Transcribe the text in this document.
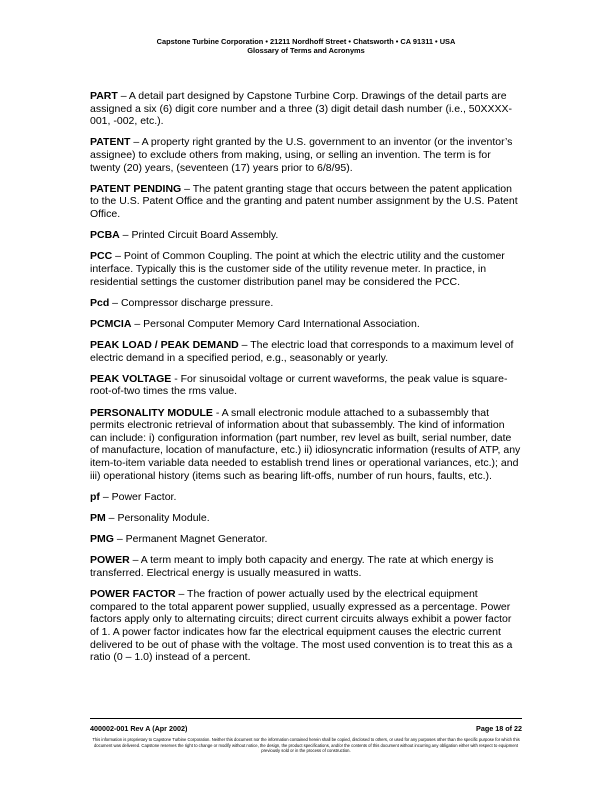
Capstone Turbine Corporation • 21211 Nordhoff Street • Chatsworth • CA 91311 • USA
Glossary of Terms and Acronyms

PART – A detail part designed by Capstone Turbine Corp. Drawings of the detail parts are assigned a six (6) digit core number and a three (3) digit detail dash number (i.e., 50XXXX-001, -002, etc.).

PATENT – A property right granted by the U.S. government to an inventor (or the inventor’s assignee) to exclude others from making, using, or selling an invention. The term is for twenty (20) years, (seventeen (17) years prior to 6/8/95).

PATENT PENDING – The patent granting stage that occurs between the patent application to the U.S. Patent Office and the granting and patent number assignment by the U.S. Patent Office.

PCBA – Printed Circuit Board Assembly.

PCC – Point of Common Coupling. The point at which the electric utility and the customer interface. Typically this is the customer side of the utility revenue meter. In practice, in residential settings the customer distribution panel may be considered the PCC.

Pcd – Compressor discharge pressure.

PCMCIA – Personal Computer Memory Card International Association.

PEAK LOAD / PEAK DEMAND – The electric load that corresponds to a maximum level of electric demand in a specified period, e.g., seasonably or yearly.

PEAK VOLTAGE - For sinusoidal voltage or current waveforms, the peak value is square-root-of-two times the rms value.

PERSONALITY MODULE - A small electronic module attached to a subassembly that permits electronic retrieval of information about that subassembly. The kind of information can include: i) configuration information (part number, rev level as built, serial number, date of manufacture, location of manufacture, etc.) ii) idiosyncratic information (results of ATP, any item-to-item variable data needed to establish trend lines or operational variances, etc.); and iii) operational history (items such as bearing lift-offs, number of run hours, faults, etc.).

pf – Power Factor.

PM – Personality Module.

PMG – Permanent Magnet Generator.

POWER – A term meant to imply both capacity and energy. The rate at which energy is transferred. Electrical energy is usually measured in watts.

POWER FACTOR – The fraction of power actually used by the electrical equipment compared to the total apparent power supplied, usually expressed as a percentage. Power factors apply only to alternating circuits; direct current circuits always exhibit a power factor of 1. A power factor indicates how far the electrical equipment causes the electric current delivered to be out of phase with the voltage. The most used convention is to treat this as a ratio (0 – 1.0) instead of a percent.

400002-001 Rev A (Apr 2002)	Page 18 of 22
This information is proprietary to Capstone Turbine Corporation. Neither this document nor the information contained herein shall be copied, disclosed to others, or used for any purposes other than the specific purpose for which this document was delivered. Capstone reserves the right to change or modify without notice, the design, the product specifications, and/or the contents of this document without incurring any obligation either with respect to equipment previously sold or in the process of construction.
